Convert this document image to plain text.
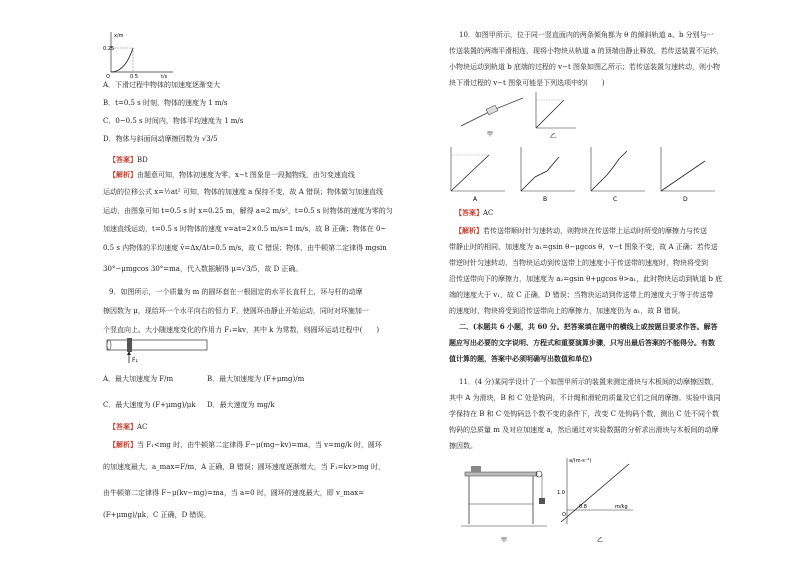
x/m
0.25
0.5	t/s
O
A．下滑过程中物体的加速度逐渐变大
B．t=0.5 s 时刻，物体的速度为 1 m/s
C．0~0.5 s 时间内，物体平均速度为 1 m/s
D．物体与斜面间动摩擦因数为 √3/5
【答案】BD
【解析】由题意可知，物体初速度为零，x−t 图象是一段抛物线，由匀变速直线
运动的位移公式 x=½at² 可知，物体的加速度 a 保持不变，故 A 错误；物体做匀加速直线
运动，由图象可知 t=0.5 s 时 x=0.25 m，解得 a=2 m/s²，t=0.5 s 时物体的速度为零的匀
加速直线运动，t=0.5 s 时物体的速度 v=at=2×0.5 m/s=1 m/s，故 B 正确；物体在 0~
0.5 s 内物体的平均速度 v̄=Δx/Δt=0.5 m/s，故 C 错误；物体，由牛顿第二定律得 mgsin
30°−μmgcos 30°=ma，代入数据解得 μ=√3/5，故 D 正确。
9．如图所示，一个质量为 m 的圆环套在一根固定的水平长直杆上，环与杆的动摩
擦因数为 μ，现给环一个水平向右的恒力 F，使圆环由静止开始运动，同时对环施加一
个竖直向上、大小随速度变化的作用力 F₁=kv，其中 k 为常数，则圆环运动过程中(　　)
F₁
A．最大加速度为 F/m	B．最大加速度为 (F+μmg)/m
C．最大速度为 (F+μmg)/μk D．最大速度为 mg/k
【答案】AC
【解析】当 F₁<mg 时，由牛顿第二定律得 F−μ(mg−kv)=ma，当 v=mg/k 时，圆环
的加速度最大，a_max=F/m，A 正确，B 错误；圆环速度逐渐增大，当 F₁=kv>mg 时，
由牛顿第二定律得 F−μ(kv−mg)=ma，当 a=0 时，圆环的速度最大，即 v_max=
(F+μmg)/μk，C 正确，D 错误。
10．如图甲所示，位于同一竖直面内的两条倾角都为 θ 的倾斜轨道 a、b 分别与一
传送装置的两端平滑相连，现将小物块从轨道 a 的顶端由静止释放，若传送装置不运转，
小物块运动到轨道 b 底端的过程的 v−t 图象如图乙所示；若传送装置匀速转动，则小物
块下滑过程的 v−t 图象可能是下列选项中的(　　)
甲	乙
A	B	C	D
【答案】AC
【解析】若传送带顺时针匀速转动，则物块在传送带上运动时所受的摩擦力与传送
带静止时的相同，加速度为 a₁=gsin θ−μgcos θ，v−t 图象不变，故 A 正确；若传送
带逆时针匀速转动，当物块运动到传送带上的速度小于传送带的速度时，物块将受到
沿传送带向下的摩擦力，加速度为 a₂=gsin θ+μgcos θ>a₁，此时物块运动到轨道 b 底
端的速度大于 v₁，故 C 正确，D 错误；当物块运动到传送带上的速度大于等于传送带
的速度时，物块将受到沿传送带向上的摩擦力，加速度仍为 a₁，故 B 错误。
二、(本题共 6 小题，共 60 分。把答案填在题中的横线上或按题目要求作答。解答
题应写出必要的文字说明、方程式和重要演算步骤，只写出最后答案的不能得分。有数
值计算的题，答案中必须明确写出数值和单位)
11．(4 分)某同学设计了一个如图甲所示的装置来测定滑块与木板间的动摩擦因数，
其中 A 为滑块，B 和 C 处是钩码，不计绳和滑轮的质量及它们之间的摩擦。实验中该同
学保持在 B 和 C 处钩码总个数不变的条件下，改变 C 处钩码个数，测出 C 处不同个数
钩码的总质量 m 及对应加速度 a，然后通过对实验数据的分析求出滑块与木板间的动摩
擦因数。
甲
a/(m·s⁻²)
m/kg
0.8
1.0
O
乙
